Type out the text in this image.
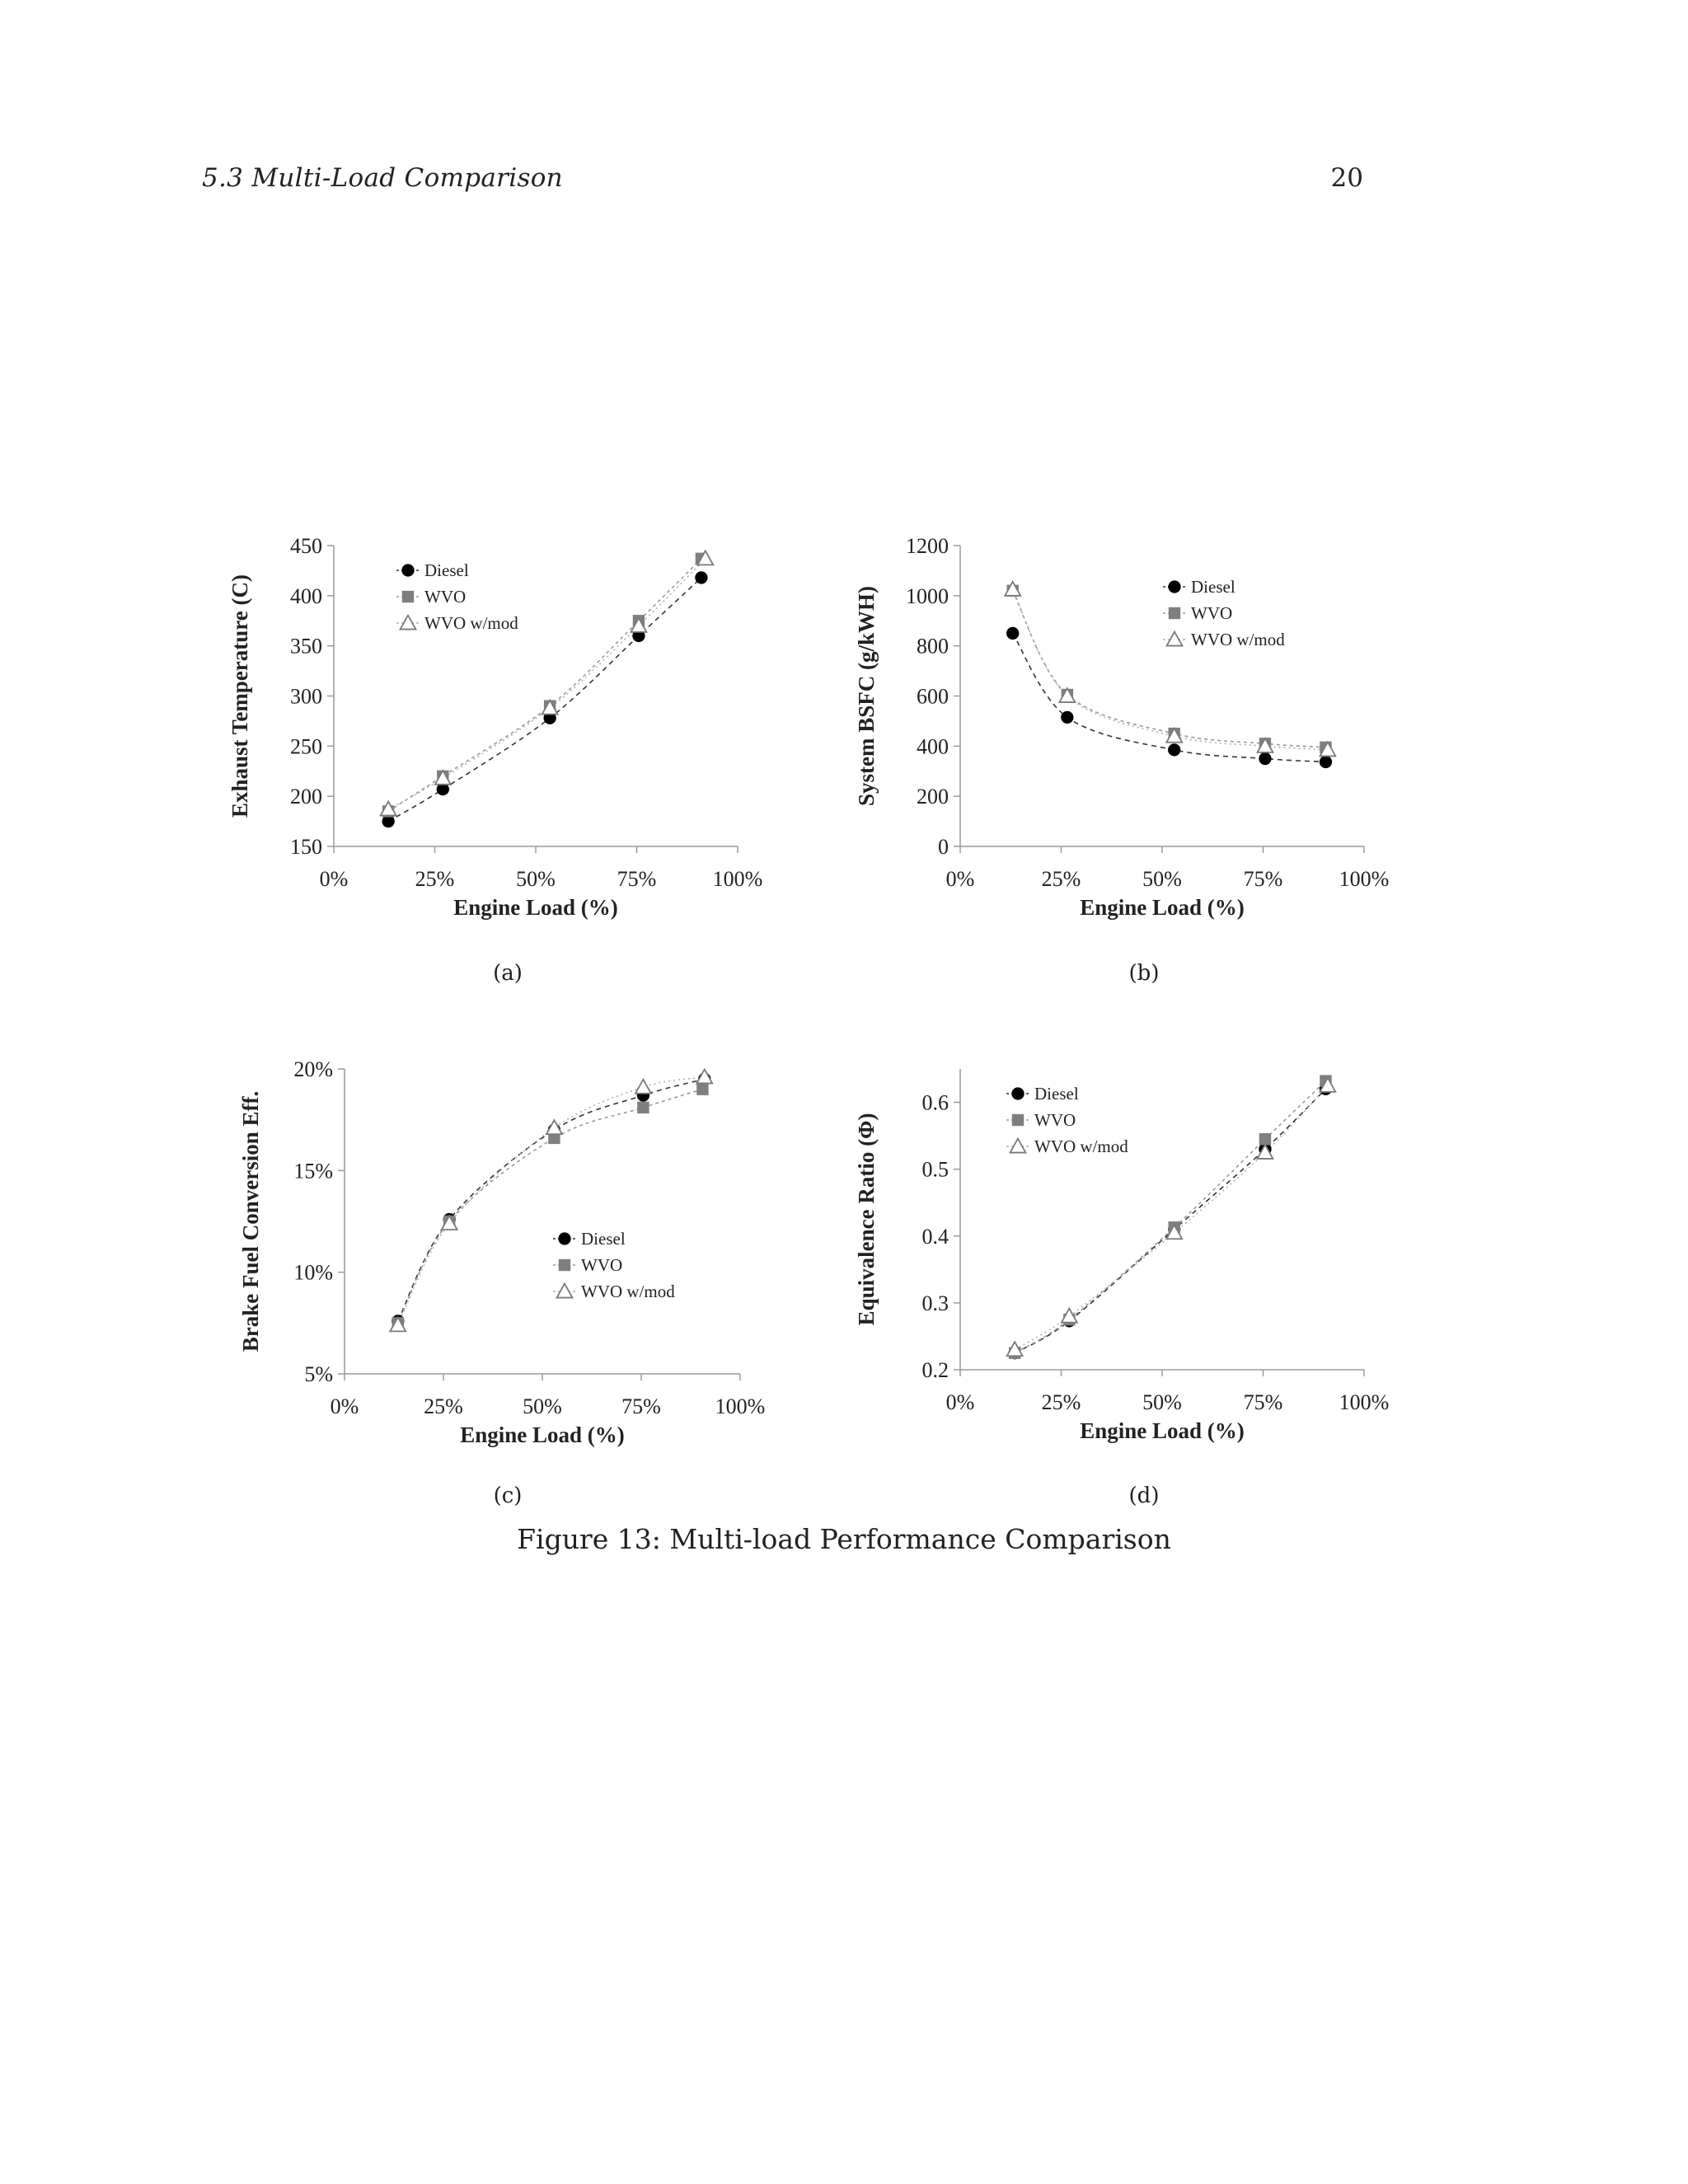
5.3 Multi-Load Comparison	20
150
200
250
300
350
400
450
0%	25%	50%	75%	100%
Engine Load (%)
Exhaust Temperature (C)
Diesel
WVO
WVO w/mod
(a)
0
200
400
600
800
1000
1200
0%	25%	50%	75%	100%
Engine Load (%)
System BSFC (g/kWH)	Diesel
WVO
WVO w/mod
(b)
5%
10%
15%
20%
0%	25%	50%	75%	100%
Engine Load (%)
Brake Fuel Conversion Eff.	Diesel
WVO
WVO w/mod
(c)
0.2
0.3
0.4
0.5
0.6
0%	25%	50%	75%	100%
Engine Load (%)
Equivalence Ratio (Φ)
Diesel
WVO
WVO w/mod
(d)
Figure 13: Multi-load Performance Comparison
